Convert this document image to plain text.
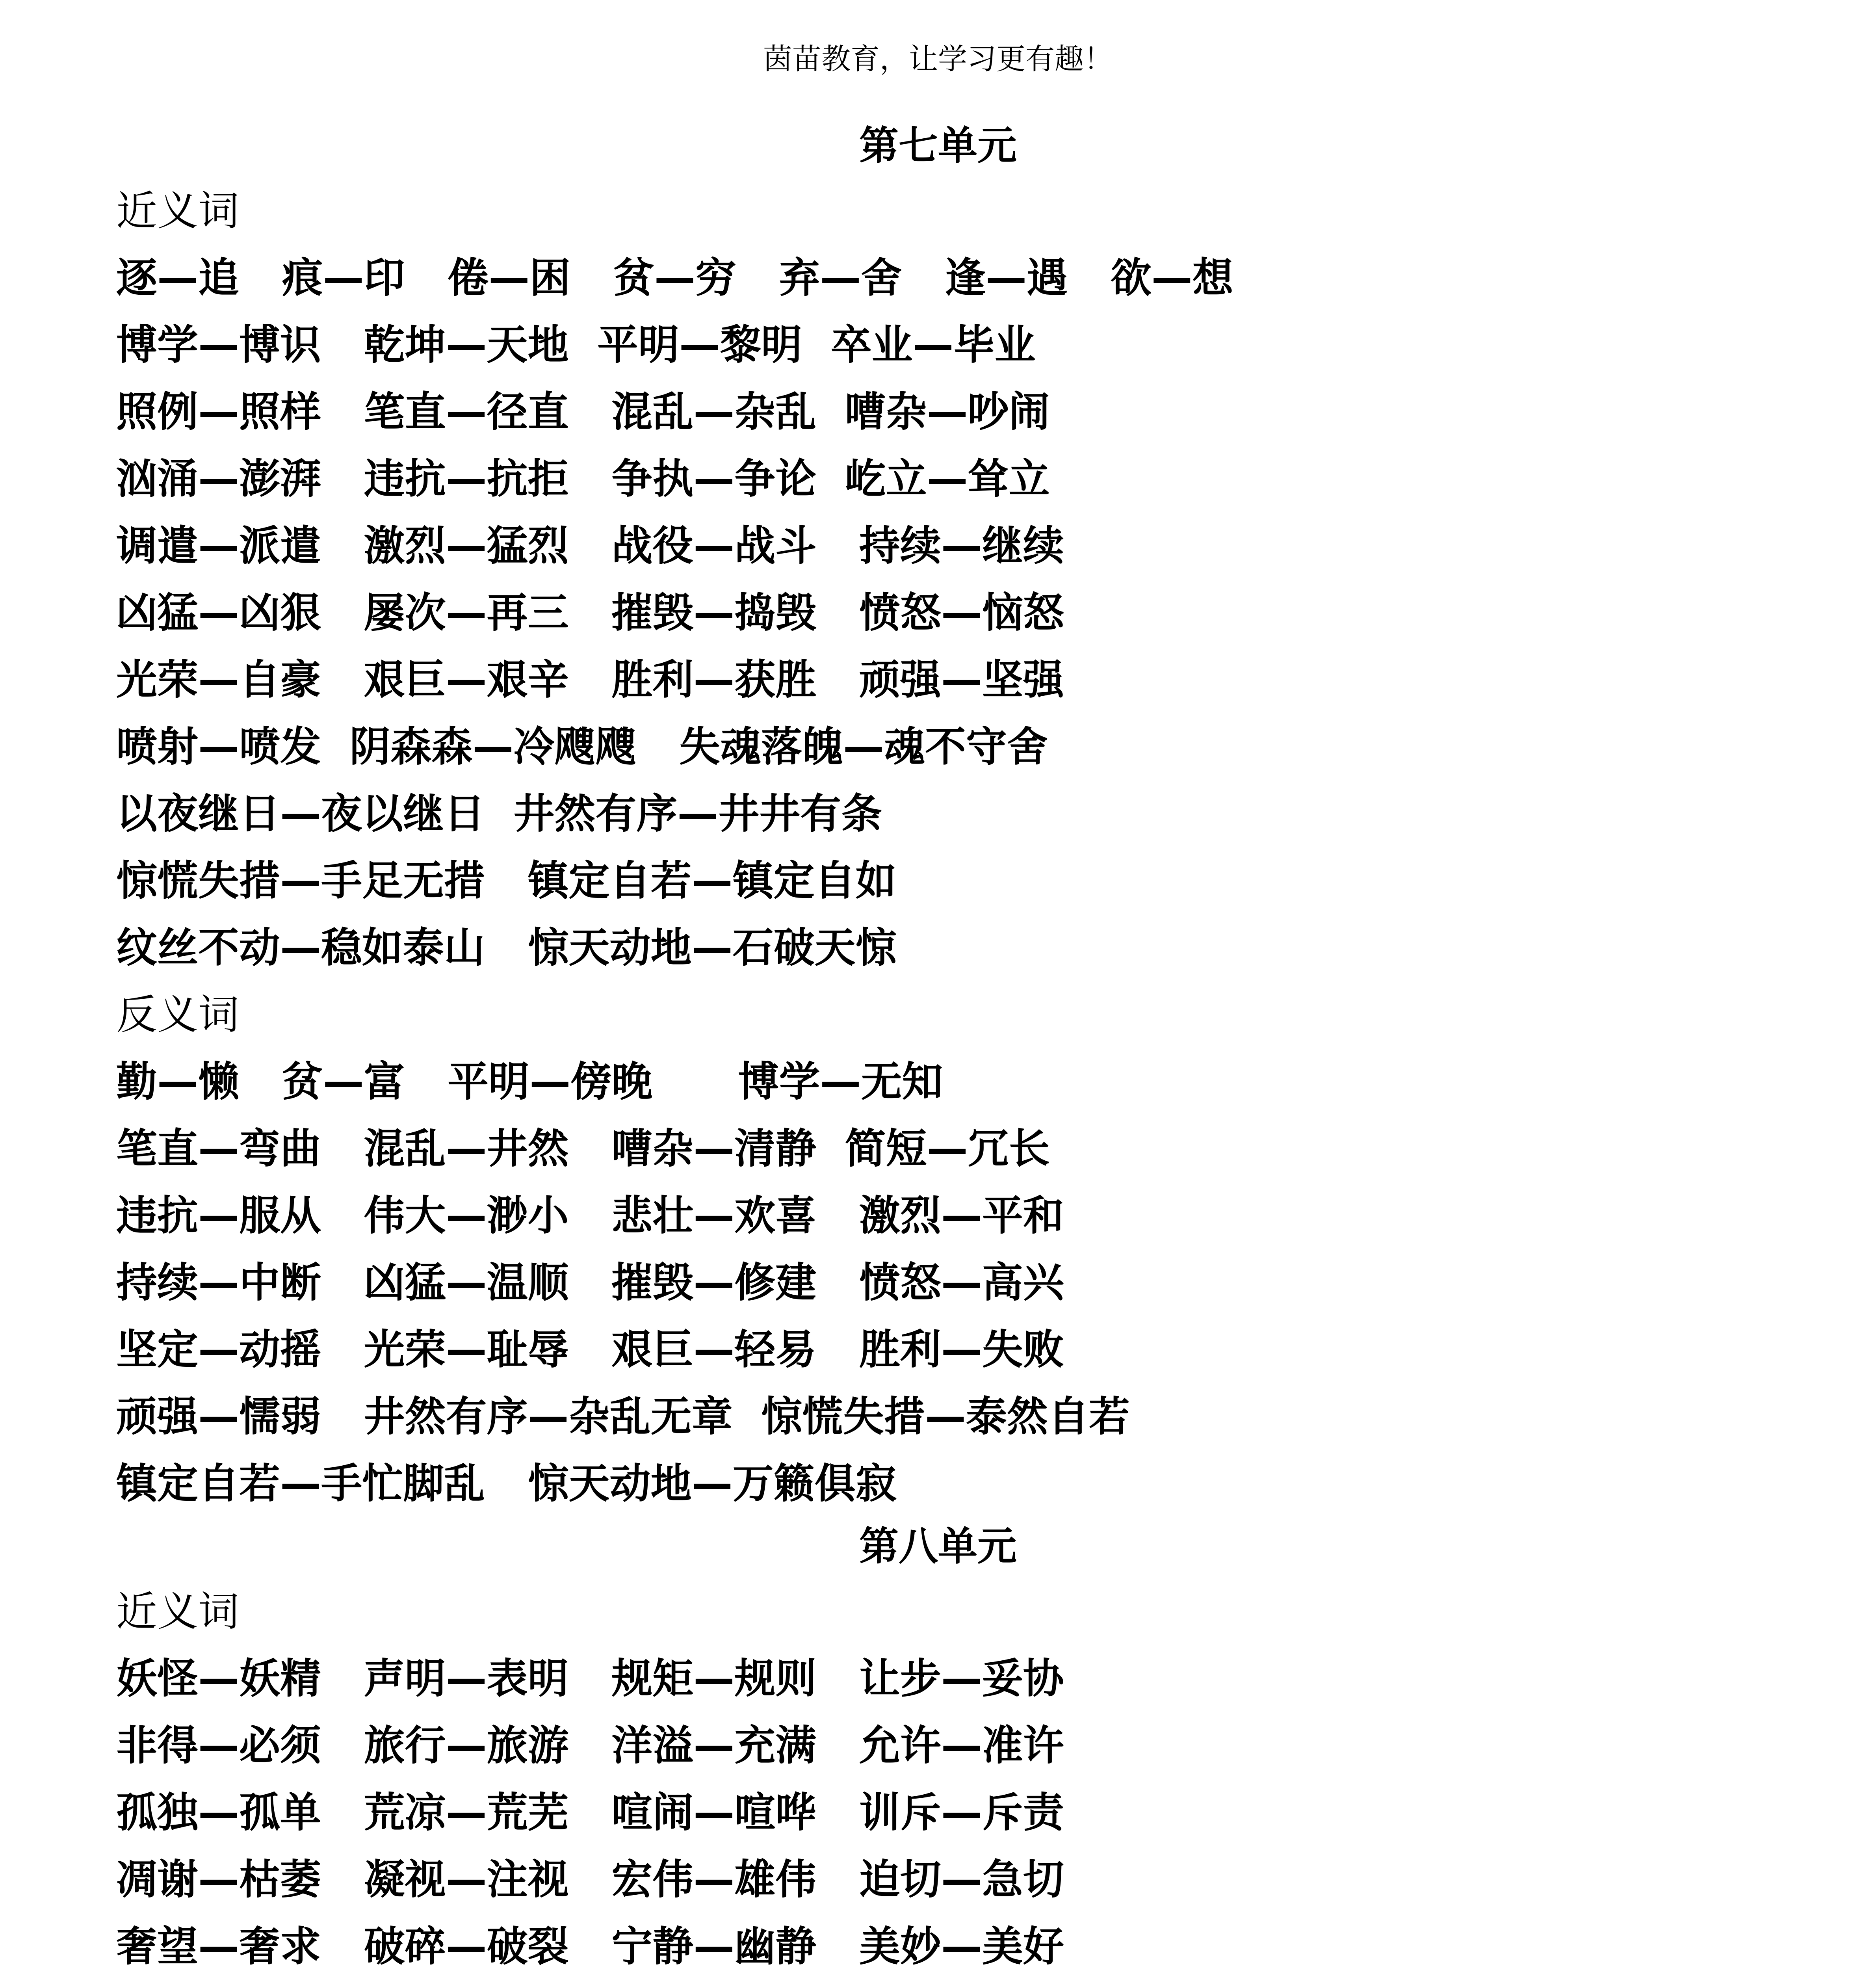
茵苗教育，让学习更有趣！
第七单元
近义词
逐—追   痕—印   倦—困   贫—穷   弃—舍   逢—遇   欲—想
博学—博识   乾坤—天地  平明—黎明  卒业—毕业
照例—照样   笔直—径直   混乱—杂乱  嘈杂—吵闹
汹涌—澎湃   违抗—抗拒   争执—争论  屹立—耸立
调遣—派遣   激烈—猛烈   战役—战斗   持续—继续
凶猛—凶狠   屡次—再三   摧毁—捣毁   愤怒—恼怒
光荣—自豪   艰巨—艰辛   胜利—获胜   顽强—坚强
喷射—喷发  阴森森—冷飕飕   失魂落魄—魂不守舍
以夜继日—夜以继日  井然有序—井井有条
惊慌失措—手足无措   镇定自若—镇定自如
纹丝不动—稳如泰山   惊天动地—石破天惊
反义词
勤—懒   贫—富   平明—傍晚      博学—无知
笔直—弯曲   混乱—井然   嘈杂—清静  简短—冗长
违抗—服从   伟大—渺小   悲壮—欢喜   激烈—平和
持续—中断   凶猛—温顺   摧毁—修建   愤怒—高兴
坚定—动摇   光荣—耻辱   艰巨—轻易   胜利—失败
顽强—懦弱   井然有序—杂乱无章  惊慌失措—泰然自若
镇定自若—手忙脚乱   惊天动地—万籁俱寂
第八单元
近义词
妖怪—妖精   声明—表明   规矩—规则   让步—妥协
非得—必须   旅行—旅游   洋溢—充满   允许—准许
孤独—孤单   荒凉—荒芜   喧闹—喧哗   训斥—斥责
凋谢—枯萎   凝视—注视   宏伟—雄伟   迫切—急切
奢望—奢求   破碎—破裂   宁静—幽静   美妙—美好
